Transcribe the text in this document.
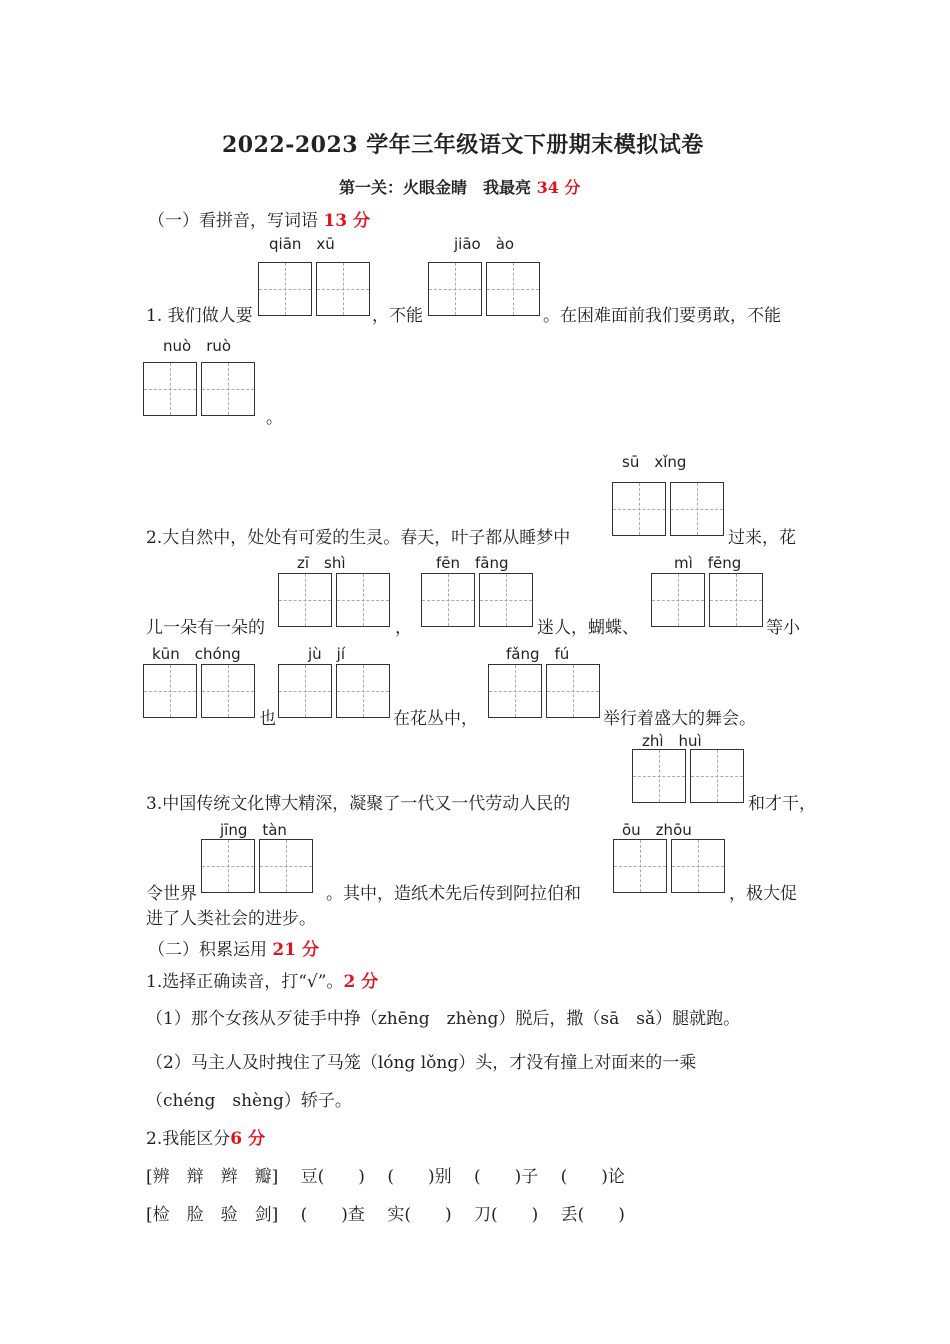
2022-2023 学年三年级语文下册期末模拟试卷
第一关：火眼金睛　我最亮 34 分
（一）看拼音，写词语 13 分
qiān　xū	jiāo　ào
1. 我们做人要	，不能	。在困难面前我们要勇敢，不能
nuò　ruò
。
sū　xǐng
2.大自然中，处处有可爱的生灵。春天，叶子都从睡梦中	过来，花
zī　shì	fēn　fāng	mì　fēng
儿一朵有一朵的	，	迷人，蝴蝶、	等小
kūn　chóng	jù　jí	fǎng　fú
也	在花丛中，	举行着盛大的舞会。
zhì　huì
3.中国传统文化博大精深，凝聚了一代又一代劳动人民的	和才干，
jīng　tàn	ōu　zhōu
令世界	。其中，造纸术先后传到阿拉伯和	，极大促
进了人类社会的进步。
（二）积累运用 21 分
1.选择正确读音，打“√”。2 分
（1）那个女孩从歹徒手中挣（zhēng　zhèng）脱后，撒（sā　sǎ）腿就跑。
（2）马主人及时拽住了马笼（lóng lǒng）头，才没有撞上对面来的一乘
（chéng　shèng）轿子。
2.我能区分6 分
[辨　辩　辫　瓣]　 豆(　　)　 (　　)别　 (　　)子　 (　　)论
[检　脸　验　剑]　 (　　)查　 实(　　)　 刀(　　)　 丢(　　)
